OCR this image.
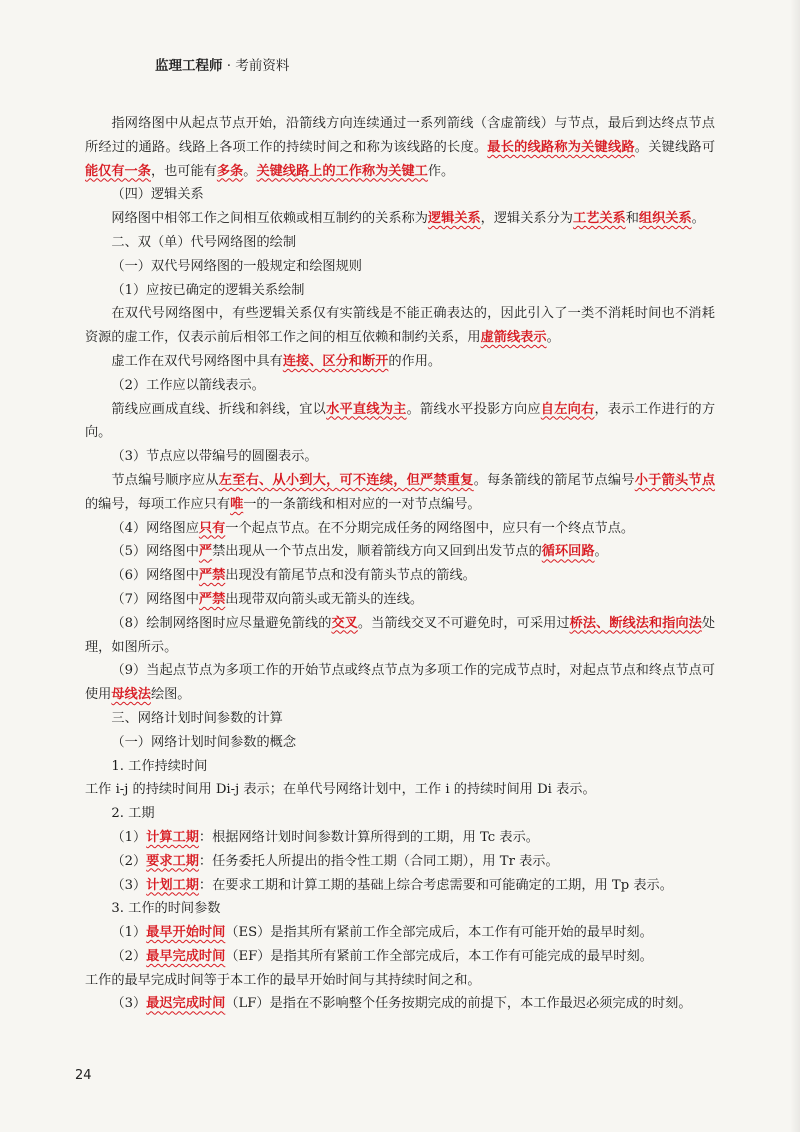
监理工程师 · 考前资料

指网络图中从起点节点开始，沿箭线方向连续通过一系列箭线（含虚箭线）与节点，最后到达终点节点所经过的通路。线路上各项工作的持续时间之和称为该线路的长度。最长的线路称为关键线路。关键线路可能仅有一条，也可能有多条。关键线路上的工作称为关键工作。

（四）逻辑关系

网络图中相邻工作之间相互依赖或相互制约的关系称为逻辑关系，逻辑关系分为工艺关系和组织关系。

二、双（单）代号网络图的绘制

（一）双代号网络图的一般规定和绘图规则

（1）应按已确定的逻辑关系绘制

在双代号网络图中，有些逻辑关系仅有实箭线是不能正确表达的，因此引入了一类不消耗时间也不消耗资源的虚工作，仅表示前后相邻工作之间的相互依赖和制约关系，用虚箭线表示。

虚工作在双代号网络图中具有连接、区分和断开的作用。

（2）工作应以箭线表示。

箭线应画成直线、折线和斜线，宜以水平直线为主。箭线水平投影方向应自左向右，表示工作进行的方向。

（3）节点应以带编号的圆圈表示。

节点编号顺序应从左至右、从小到大，可不连续，但严禁重复。每条箭线的箭尾节点编号小于箭头节点的编号，每项工作应只有唯一的一条箭线和相对应的一对节点编号。

（4）网络图应只有一个起点节点。在不分期完成任务的网络图中，应只有一个终点节点。

（5）网络图中严禁出现从一个节点出发，顺着箭线方向又回到出发节点的循环回路。

（6）网络图中严禁出现没有箭尾节点和没有箭头节点的箭线。

（7）网络图中严禁出现带双向箭头或无箭头的连线。

（8）绘制网络图时应尽量避免箭线的交叉。当箭线交叉不可避免时，可采用过桥法、断线法和指向法处理，如图所示。

（9）当起点节点为多项工作的开始节点或终点节点为多项工作的完成节点时，对起点节点和终点节点可使用母线法绘图。

三、网络计划时间参数的计算

（一）网络计划时间参数的概念

1. 工作持续时间

工作 i-j 的持续时间用 Di-j 表示；在单代号网络计划中，工作 i 的持续时间用 Di 表示。

2. 工期

（1）计算工期：根据网络计划时间参数计算所得到的工期，用 Tc 表示。

（2）要求工期：任务委托人所提出的指令性工期（合同工期），用 Tr 表示。

（3）计划工期：在要求工期和计算工期的基础上综合考虑需要和可能确定的工期，用 Tp 表示。

3. 工作的时间参数

（1）最早开始时间（ES）是指其所有紧前工作全部完成后，本工作有可能开始的最早时刻。

（2）最早完成时间（EF）是指其所有紧前工作全部完成后，本工作有可能完成的最早时刻。

工作的最早完成时间等于本工作的最早开始时间与其持续时间之和。

（3）最迟完成时间（LF）是指在不影响整个任务按期完成的前提下，本工作最迟必须完成的时刻。

24
